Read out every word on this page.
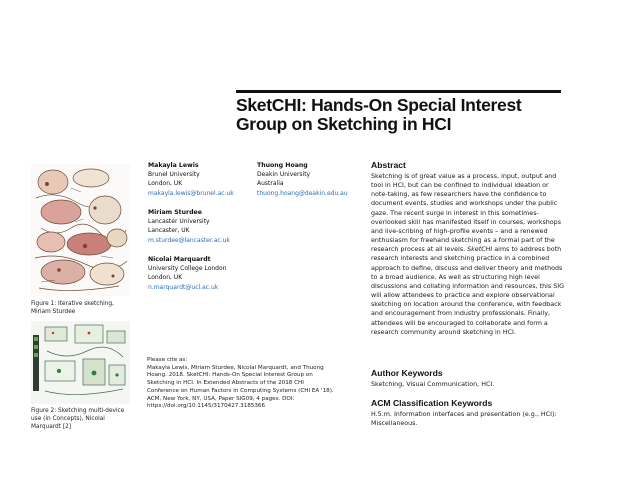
SketCHI: Hands-On Special Interest Group on Sketching in HCI
Makayla Lewis
Brunel University
London, UK
makayla.lewis@brunel.ac.uk
Thuong Hoang
Deakin University
Australia
thuong.hoang@deakin.edu.au
Miriam Sturdee
Lancaster University
Lancaster, UK
m.sturdee@lancaster.ac.uk
Nicolai Marquardt
University College London
London, UK
n.marquardt@ucl.ac.uk
Figure 1: Iterative sketching, Miriam Sturdee
Figure 2: Sketching multi-device use (in Concepts), Nicolai Marquardt [2]
Please cite as:
Makayla Lewis, Miriam Sturdee, Nicolai Marquardt, and Thuong Hoang. 2018. SketCHI: Hands-On Special Interest Group on Sketching in HCI. In Extended Abstracts of the 2018 CHI Conference on Human Factors in Computing Systems (CHI EA '18). ACM, New York, NY, USA, Paper SIG09, 4 pages. DOI: https://doi.org/10.1145/3170427.3185366
Abstract
Sketching is of great value as a process, input, output and tool in HCI, but can be confined to individual ideation or note-taking, as few researchers have the confidence to document events, studies and workshops under the public gaze. The recent surge in interest in this sometimes-overlooked skill has manifested itself in courses, workshops and live-scribing of high-profile events – and a renewed enthusiasm for freehand sketching as a formal part of the research process at all levels. SketCHI aims to address both research interests and sketching practice in a combined approach to define, discuss and deliver theory and methods to a broad audience. As well as structuring high level discussions and collating information and resources, this SIG will allow attendees to practice and explore observational sketching on location around the conference, with feedback and encouragement from industry professionals. Finally, attendees will be encouraged to collaborate and form a research community around sketching in HCI.
Author Keywords
Sketching, Visual Communication, HCI.
ACM Classification Keywords
H.5.m. Information interfaces and presentation (e.g., HCI): Miscellaneous.
